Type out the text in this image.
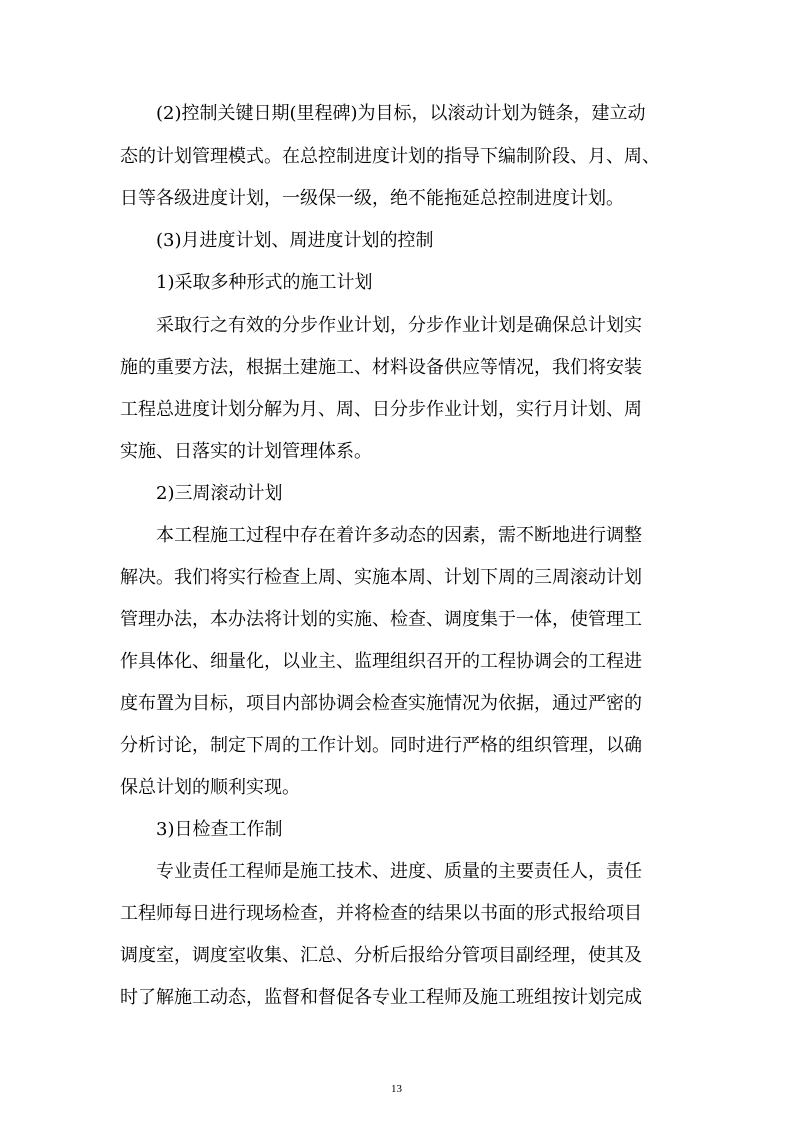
(2)控制关键日期(里程碑)为目标，以滚动计划为链条，建立动
态的计划管理模式。在总控制进度计划的指导下编制阶段、月、周、
日等各级进度计划，一级保一级，绝不能拖延总控制进度计划。
(3)月进度计划、周进度计划的控制
1)采取多种形式的施工计划
采取行之有效的分步作业计划，分步作业计划是确保总计划实
施的重要方法，根据土建施工、材料设备供应等情况，我们将安装
工程总进度计划分解为月、周、日分步作业计划，实行月计划、周
实施、日落实的计划管理体系。
2)三周滚动计划
本工程施工过程中存在着许多动态的因素，需不断地进行调整
解决。我们将实行检查上周、实施本周、计划下周的三周滚动计划
管理办法，本办法将计划的实施、检查、调度集于一体，使管理工
作具体化、细量化，以业主、监理组织召开的工程协调会的工程进
度布置为目标，项目内部协调会检查实施情况为依据，通过严密的
分析讨论，制定下周的工作计划。同时进行严格的组织管理，以确
保总计划的顺利实现。
3)日检查工作制
专业责任工程师是施工技术、进度、质量的主要责任人，责任
工程师每日进行现场检查，并将检查的结果以书面的形式报给项目
调度室，调度室收集、汇总、分析后报给分管项目副经理，使其及
时了解施工动态，监督和督促各专业工程师及施工班组按计划完成
13
